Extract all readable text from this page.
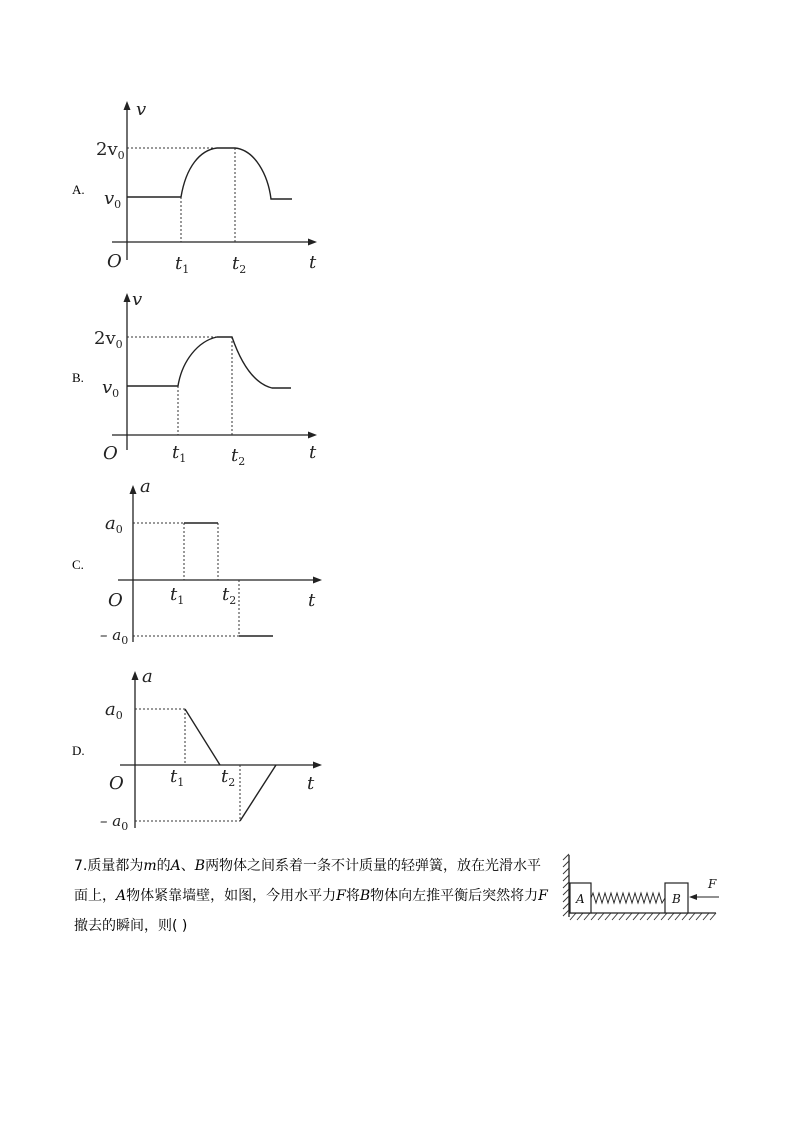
A.
v
$2v_0$
$v_0$
O	$t_1$ $t_2$	t
B.
v
$2v_0$
$v_0$
O	$t_1$ $t_2$	t
C.
a
$a_0$
– $a_0$
O	$t_1$ $t_2$	t
D.
a
$a_0$
– $a_0$
O	$t_1$ $t_2$	t
7.质量都为m的A、B两物体之间系着一条不计质量的轻弹簧，放在光滑水平面上，A物体紧靠墙壁，如图，今用水平力F将B物体向左推平衡后突然将力F撤去的瞬间，则( )
A	B
F
